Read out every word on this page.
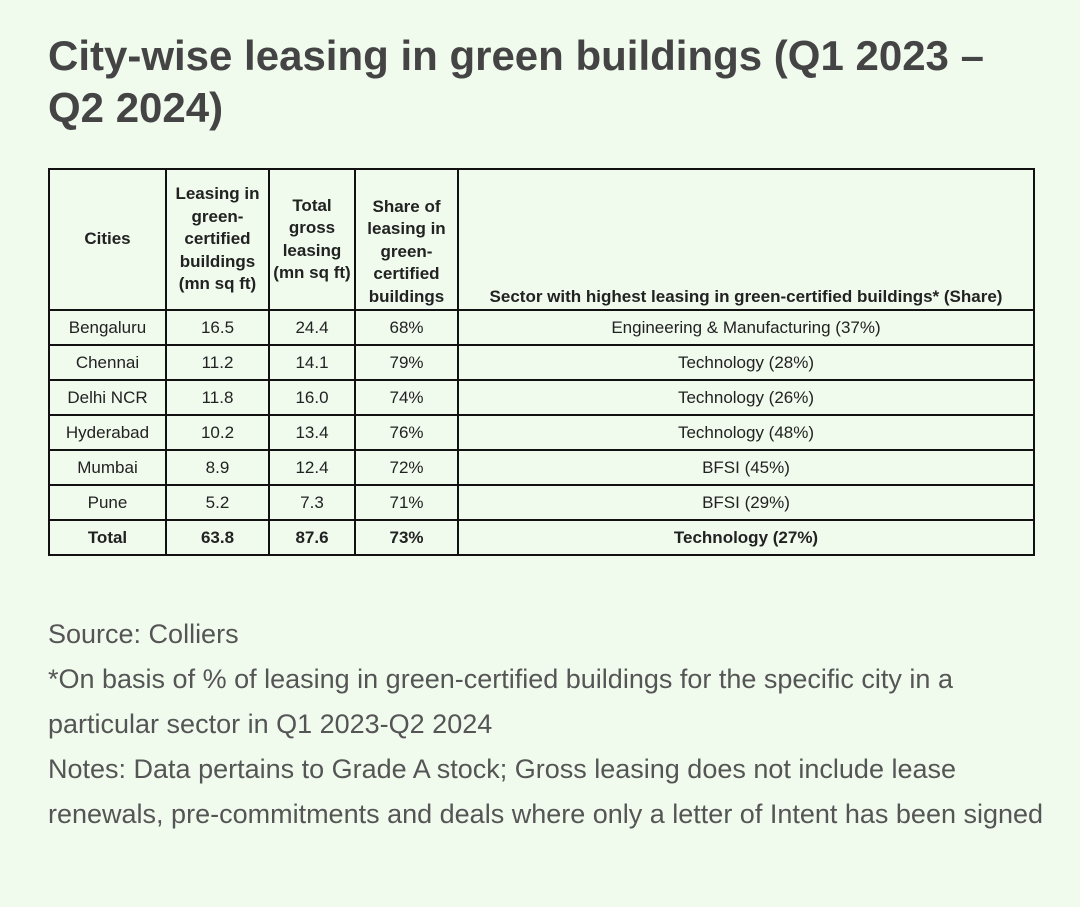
City-wise leasing in green buildings (Q1 2023 – Q2 2024)
Cities	Leasing in green-certified buildings (mn sq ft)	Total gross leasing (mn sq ft)	Share of leasing in green-certified buildings	Sector with highest leasing in green-certified buildings* (Share)
Bengaluru	16.5	24.4	68%	Engineering & Manufacturing (37%)
Chennai	11.2	14.1	79%	Technology (28%)
Delhi NCR	11.8	16.0	74%	Technology (26%)
Hyderabad	10.2	13.4	76%	Technology (48%)
Mumbai	8.9	12.4	72%	BFSI (45%)
Pune	5.2	7.3	71%	BFSI (29%)
Total	63.8	87.6	73%	Technology (27%)

Source: Colliers

*On basis of % of leasing in green-certified buildings for the specific city in a particular sector in Q1 2023-Q2 2024

Notes: Data pertains to Grade A stock; Gross leasing does not include lease renewals, pre-commitments and deals where only a letter of Intent has been signed
